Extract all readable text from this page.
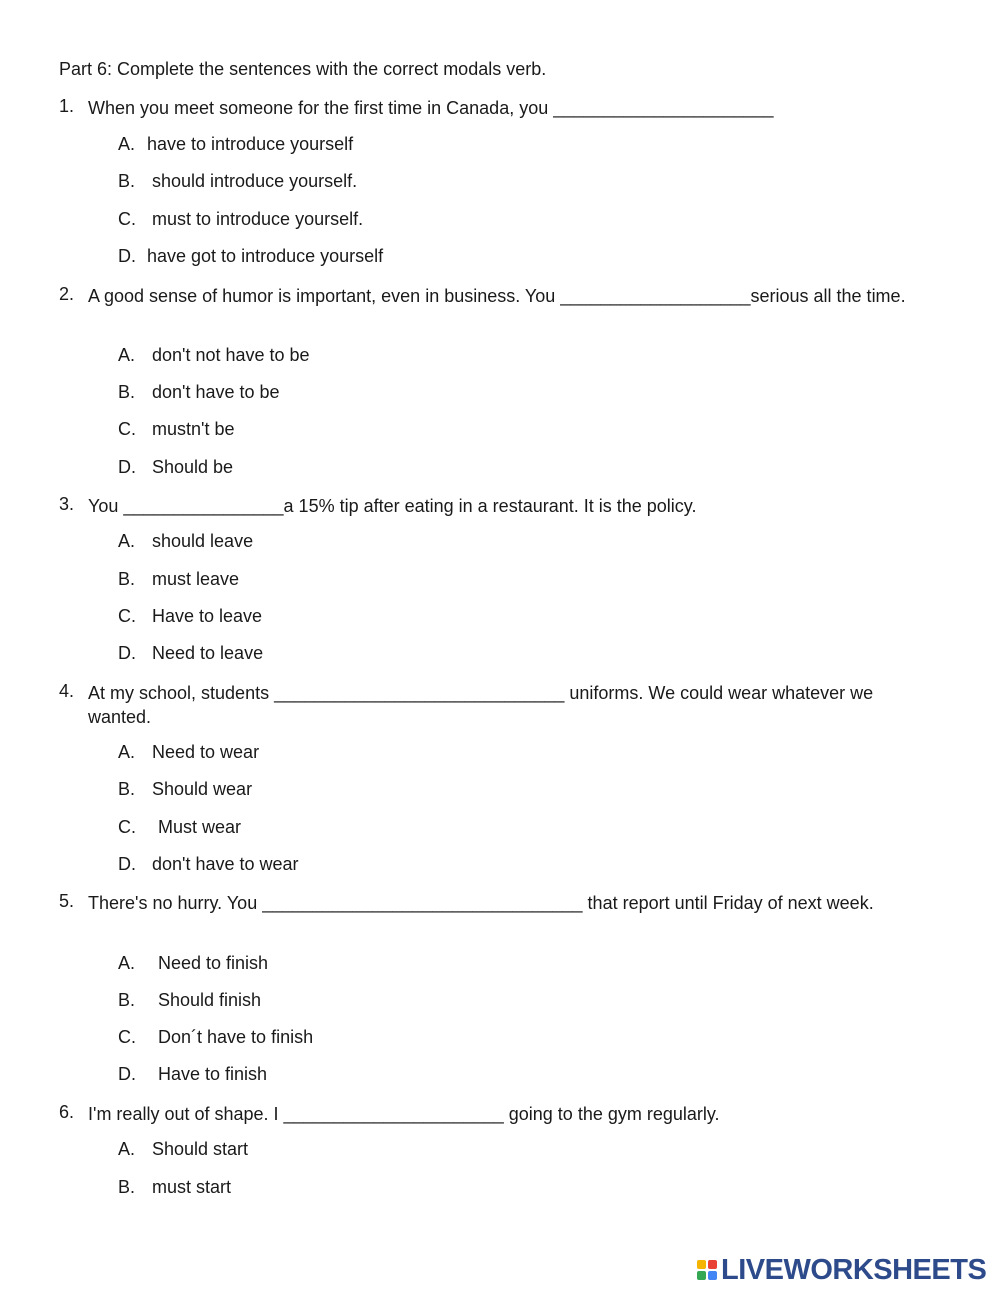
Part 6: Complete the sentences with the correct modals verb.
1. When you meet someone for the first time in Canada, you ______________________
A. have to introduce yourself
B. should introduce yourself.
C. must to introduce yourself.
D. have got to introduce yourself
2. A good sense of humor is important, even in business. You ___________________serious all the time.
A. don't not have to be
B. don't have to be
C. mustn't be
D. Should be
3. You ________________a 15% tip after eating in a restaurant. It is the policy.
A. should leave
B. must leave
C. Have to leave
D. Need to leave
4. At my school, students _____________________________ uniforms. We could wear whatever we wanted.
A. Need to wear
B. Should wear
C. Must wear
D. don't have to wear
5. There's no hurry. You ________________________________ that report until Friday of next week.
A. Need to finish
B. Should finish
C. Don´t have to finish
D. Have to finish
6. I'm really out of shape. I ______________________ going to the gym regularly.
A. Should start
B. must start
LIVEWORKSHEETS
